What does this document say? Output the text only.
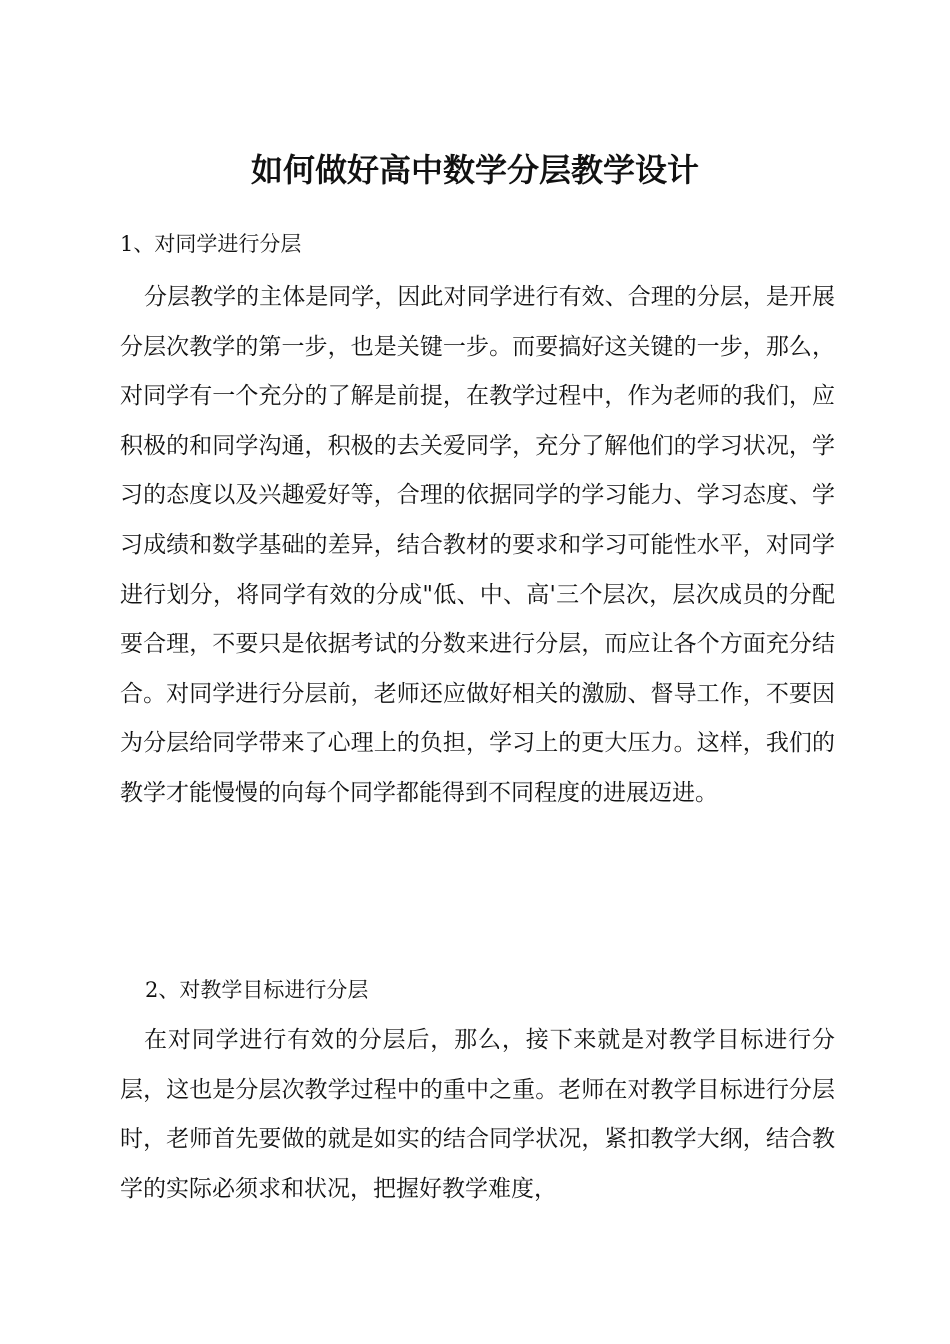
如何做好高中数学分层教学设计
1、对同学进行分层

分层教学的主体是同学，因此对同学进行有效、合理的分层，是开展分层次教学的第一步，也是关键一步。而要搞好这关键的一步，那么，对同学有一个充分的了解是前提，在教学过程中，作为老师的我们，应积极的和同学沟通，积极的去关爱同学，充分了解他们的学习状况，学习的态度以及兴趣爱好等，合理的依据同学的学习能力、学习态度、学习成绩和数学基础的差异，结合教材的要求和学习可能性水平，对同学进行划分，将同学有效的分成"低、中、高'三个层次，层次成员的分配要合理，不要只是依据考试的分数来进行分层，而应让各个方面充分结合。对同学进行分层前，老师还应做好相关的激励、督导工作，不要因为分层给同学带来了心理上的负担，学习上的更大压力。这样，我们的教学才能慢慢的向每个同学都能得到不同程度的进展迈进。

2、对教学目标进行分层

在对同学进行有效的分层后，那么，接下来就是对教学目标进行分层，这也是分层次教学过程中的重中之重。老师在对教学目标进行分层时，老师首先要做的就是如实的结合同学状况，紧扣教学大纲，结合教学的实际必须求和状况，把握好教学难度，
